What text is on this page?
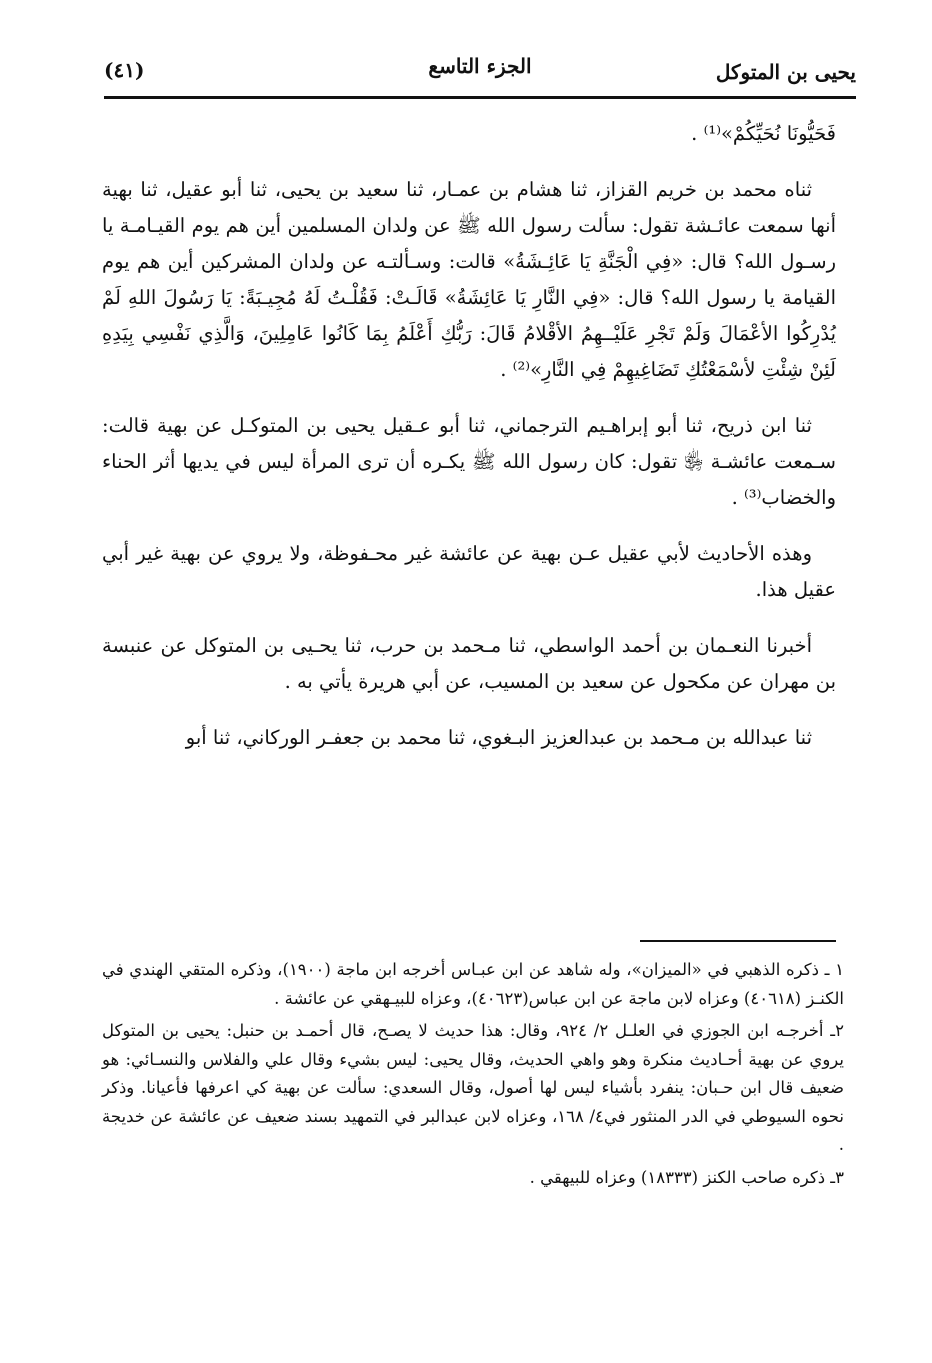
يحيى بن المتوكل
الجزء التاسع
(٤١)

فَحَيُّونَا نُحَيِّكُمْ»⁽¹⁾ .

ثناه محمد بن خريم القزاز، ثنا هشام بن عمـار، ثنا سعيد بن يحيى، ثنا أبو عقيل، ثنا بهية أنها سمعت عائـشة تقول: سألت رسول الله ﷺ عن ولدان المسلمين أين هم يوم القيـامـة يا رسـول الله؟ قال: «فِي الْجَنَّةِ يَا عَائِـشَةُ» قالت: وسـألتـه عن ولدان المشركين أين هم يوم القيامة يا رسول الله؟ قال: «فِي النَّارِ يَا عَائِشَةُ» قَالَـتْ: فَقُلْـتُ لَهُ مُجِيـبَةً: يَا رَسُولَ اللهِ لَمْ يُدْرِكُوا الأعْمَالَ وَلَمْ تَجْرِ عَلَيْــهِمُ الأقْلامُ قَالَ: رَبُّكِ أَعْلَمُ بِمَا كَانُوا عَامِلِينَ، وَالَّذِي نَفْسِي بِيَدِهِ لَئِنْ شِئْتِ لأسْمَعْتُكِ تَضَاغِيهِمْ فِي النَّارِ»⁽²⁾ .

ثنا ابن ذريح، ثنا أبو إبراهـيم الترجماني، ثنا أبو عـقيل يحيى بن المتوكـل عن بهية قالت: سـمعت عائشـة ﵂ تقول: كان رسول الله ﷺ يكـره أن ترى المرأة ليس في يديها أثر الحناء والخضاب⁽³⁾ .

وهذه الأحاديث لأبي عقيل عـن بهية عن عائشة غير محـفوظة، ولا يروي عن بهية غير أبي عقيل هذا.

أخبرنا النعـمان بن أحمد الواسطي، ثنا مـحمد بن حرب، ثنا يحـيى بن المتوكل عن عنبسة بن مهران عن مكحول عن سعيد بن المسيب، عن أبي هريرة يأتي به .

ثنا عبدالله بن مـحمد بن عبدالعزيز البـغوي، ثنا محمد بن جعفـر الوركاني، ثنا أبو

١ ـ ذكره الذهبي في «الميزان»، وله شاهد عن ابن عبـاس أخرجه ابن ماجة (١٩٠٠)، وذكره المتقي الهندي في الكنـز (٤٠٦١٨) وعزاه لابن ماجة عن ابن عباس(٤٠٦٢٣)، وعزاه للبيـهقي عن عائشة .

٢ـ أخرجـه ابن الجوزي في العلـل ٢/ ٩٢٤، وقال: هذا حديث لا يصـح، قال أحمـد بن حنبل: يحيى بن المتوكل يروي عن بهية أحـاديث منكرة وهو واهي الحديث، وقال يحيى: ليس بشيء وقال علي والفلاس والنسـائي: هو ضعيف قال ابن حـبان: ينفرد بأشياء ليس لها أصول، وقال السعدي: سألت عن بهية كي اعرفها فأعيانا. وذكر نحوه السيوطي في الدر المنثور في٤/ ١٦٨، وعزاه لابن عبدالبر في التمهيد بسند ضعيف عن عائشة عن خديجة .

٣ـ ذكره صاحب الكنز (١٨٣٣٣) وعزاه للبيهقي .
